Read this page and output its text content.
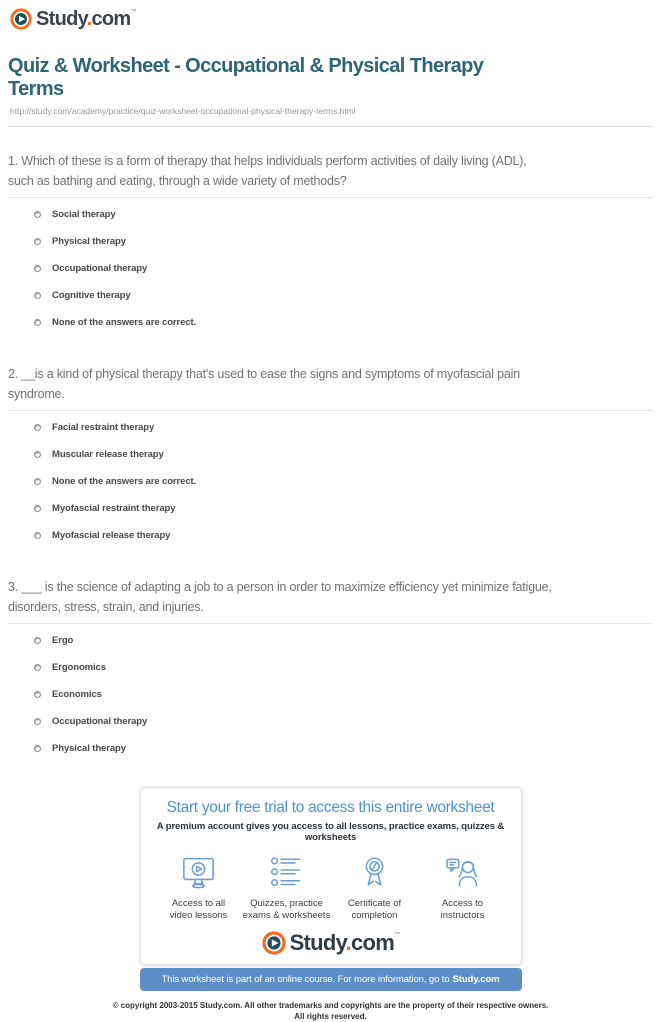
Study.com™
Quiz & Worksheet - Occupational & Physical Therapy
Terms
http://study.com/academy/practice/quiz-worksheet-occupational-physical-therapy-terms.html
1. Which of these is a form of therapy that helps individuals perform activities of daily living (ADL),
such as bathing and eating, through a wide variety of methods?
Social therapy
Physical therapy
Occupational therapy
Cognitive therapy
None of the answers are correct.
2. __is a kind of physical therapy that's used to ease the signs and symptoms of myofascial pain
syndrome.
Facial restraint therapy
Muscular release therapy
None of the answers are correct.
Myofascial restraint therapy
Myofascial release therapy
3. ___ is the science of adapting a job to a person in order to maximize efficiency yet minimize fatigue,
disorders, stress, strain, and injuries.
Ergo
Ergonomics
Economics
Occupational therapy
Physical therapy
Start your free trial to access this entire worksheet

A premium account gives you access to all lessons, practice exams, quizzes & worksheets

Access to all video lessons
Quizzes, practice exams & worksheets
Certificate of completion
Access to instructors
Study.com™
This worksheet is part of an online course. For more information, go to Study.com
© copyright 2003-2015 Study.com. All other trademarks and copyrights are the property of their respective owners.
All rights reserved.
